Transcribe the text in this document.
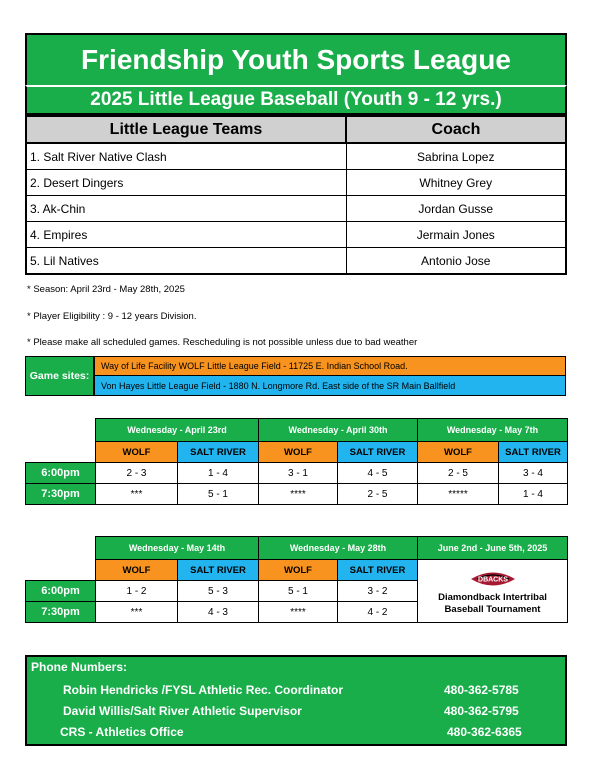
Friendship Youth Sports League
2025 Little League Baseball (Youth 9 - 12 yrs.)
Little League Teams	Coach
1. Salt River Native Clash	Sabrina Lopez
2. Desert Dingers	Whitney Grey
3. Ak-Chin	Jordan Gusse
4. Empires	Jermain Jones
5. Lil Natives	Antonio Jose
* Season: April 23rd - May 28th, 2025
* Player Eligibility : 9 - 12 years Division.
* Please make all scheduled games. Rescheduling is not possible unless due to bad weather
Game sites:
Way of Life Facility WOLF Little League Field - 11725 E. Indian School Road.
Von Hayes Little League Field - 1880 N. Longmore Rd. East side of the SR Main Ballfield
	Wednesday - April 23rd		Wednesday - April 30th		Wednesday - May 7th	
	WOLF	SALT RIVER	WOLF	SALT RIVER	WOLF	SALT RIVER
6:00pm	2 - 3	1 - 4	3 - 1	4 - 5	2 - 5	3 - 4
7:30pm	***	5 - 1	****	2 - 5	*****	1 - 4
	Wednesday - May 14th		Wednesday - May 28th		June 2nd - June 5th, 2025
	WOLF	SALT RIVER	WOLF	SALT RIVER	DBACKS
Diamondback Intertribal
Baseball Tournament

6:00pm	1 - 2	5 - 3	5 - 1	3 - 2	
7:30pm	***	4 - 3	****	4 - 2	
Phone Numbers:
Robin Hendricks /FYSL Athletic Rec. Coordinator	480-362-5785
David Willis/Salt River Athletic Supervisor	480-362-5795
CRS - Athletics Office	480-362-6365
